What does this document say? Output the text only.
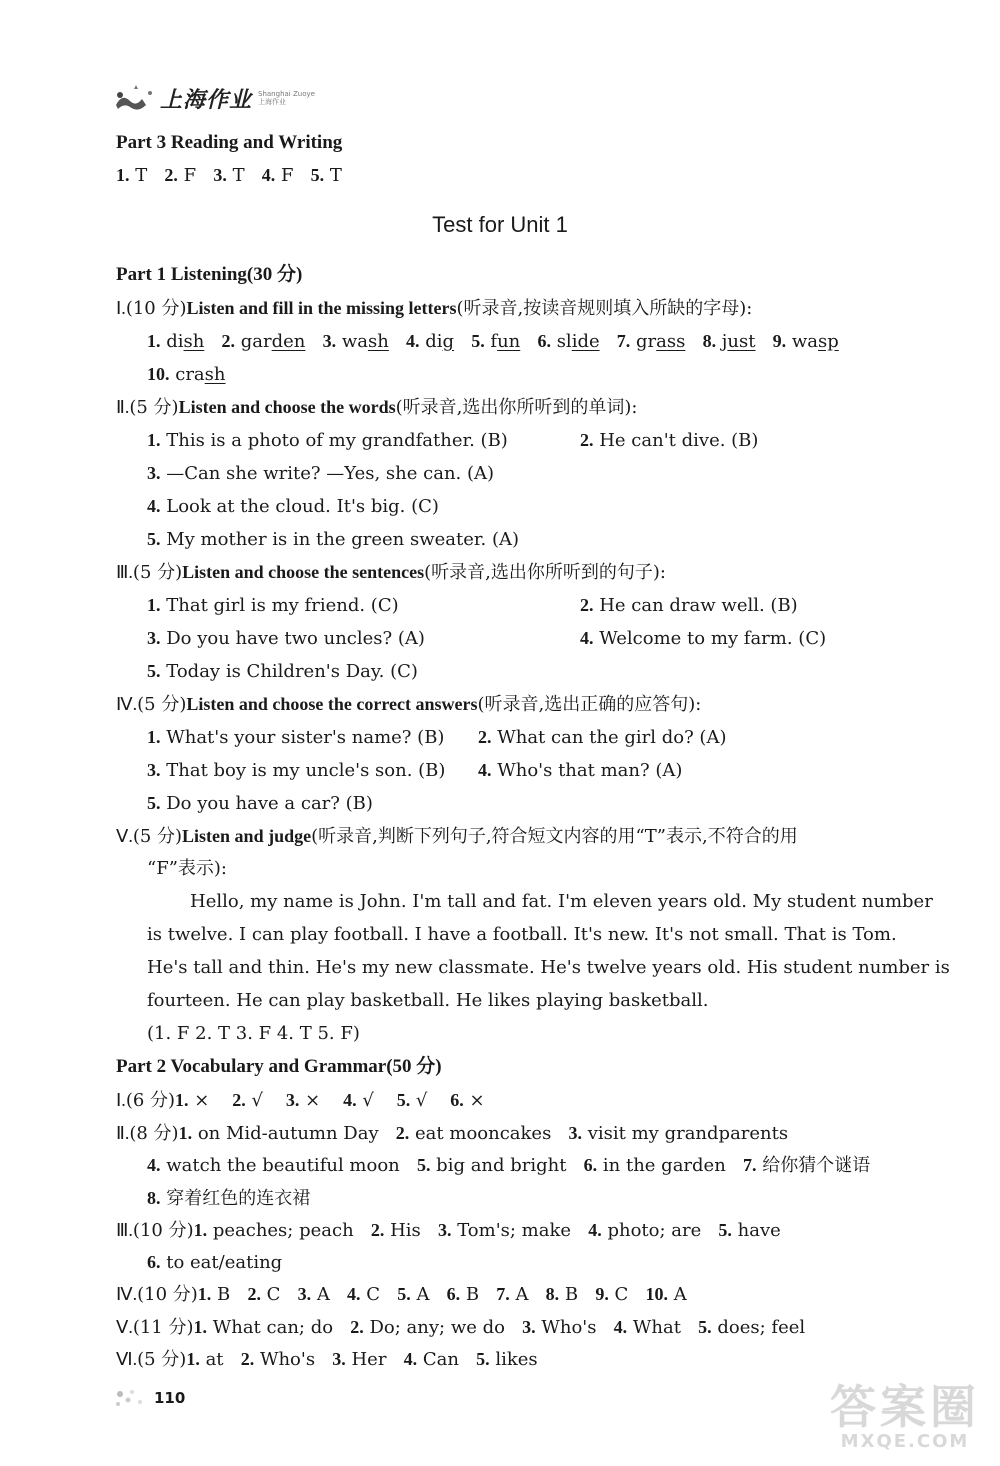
上海作业 Shanghai Zuoye
上海作业
Part 3 Reading and Writing
1. T 2. F 3. T 4. F 5. T
Test for Unit 1
Part 1 Listening(30 分)
Ⅰ.(10 分)Listen and fill in the missing letters(听录音,按读音规则填入所缺的字母):
1. dish 2. garden 3. wash 4. dig 5. fun 6. slide 7. grass 8. just 9. wasp
10. crash
Ⅱ.(5 分)Listen and choose the words(听录音,选出你所听到的单词):
1. This is a photo of my grandfather. (B)	2. He can't dive. (B)
3. —Can she write? —Yes, she can. (A)
4. Look at the cloud. It's big. (C)
5. My mother is in the green sweater. (A)
Ⅲ.(5 分)Listen and choose the sentences(听录音,选出你所听到的句子):
1. That girl is my friend. (C)	2. He can draw well. (B)
3. Do you have two uncles? (A)	4. Welcome to my farm. (C)
5. Today is Children's Day. (C)
Ⅳ.(5 分)Listen and choose the correct answers(听录音,选出正确的应答句):
1. What's your sister's name? (B) 2. What can the girl do? (A)
3. That boy is my uncle's son. (B) 4. Who's that man? (A)
5. Do you have a car? (B)
Ⅴ.(5 分)Listen and judge(听录音,判断下列句子,符合短文内容的用“T”表示,不符合的用
“F”表示):
Hello, my name is John. I'm tall and fat. I'm eleven years old. My student number
is twelve. I can play football. I have a football. It's new. It's not small. That is Tom.
He's tall and thin. He's my new classmate. He's twelve years old. His student number is
fourteen. He can play basketball. He likes playing basketball.
(1. F 2. T 3. F 4. T 5. F)
Part 2 Vocabulary and Grammar(50 分)
Ⅰ.(6 分)1. × 2. √ 3. × 4. √ 5. √ 6. ×
Ⅱ.(8 分)1. on Mid-autumn Day 2. eat mooncakes 3. visit my grandparents
4. watch the beautiful moon 5. big and bright 6. in the garden 7. 给你猜个谜语
8. 穿着红色的连衣裙
Ⅲ.(10 分)1. peaches; peach 2. His 3. Tom's; make 4. photo; are 5. have
6. to eat/eating
Ⅳ.(10 分)1. B 2. C 3. A 4. C 5. A 6. B 7. A 8. B 9. C 10. A
Ⅴ.(11 分)1. What can; do 2. Do; any; we do 3. Who's 4. What 5. does; feel
Ⅵ.(5 分)1. at 2. Who's 3. Her 4. Can 5. likes
110	答案圈
MXQE.COM
